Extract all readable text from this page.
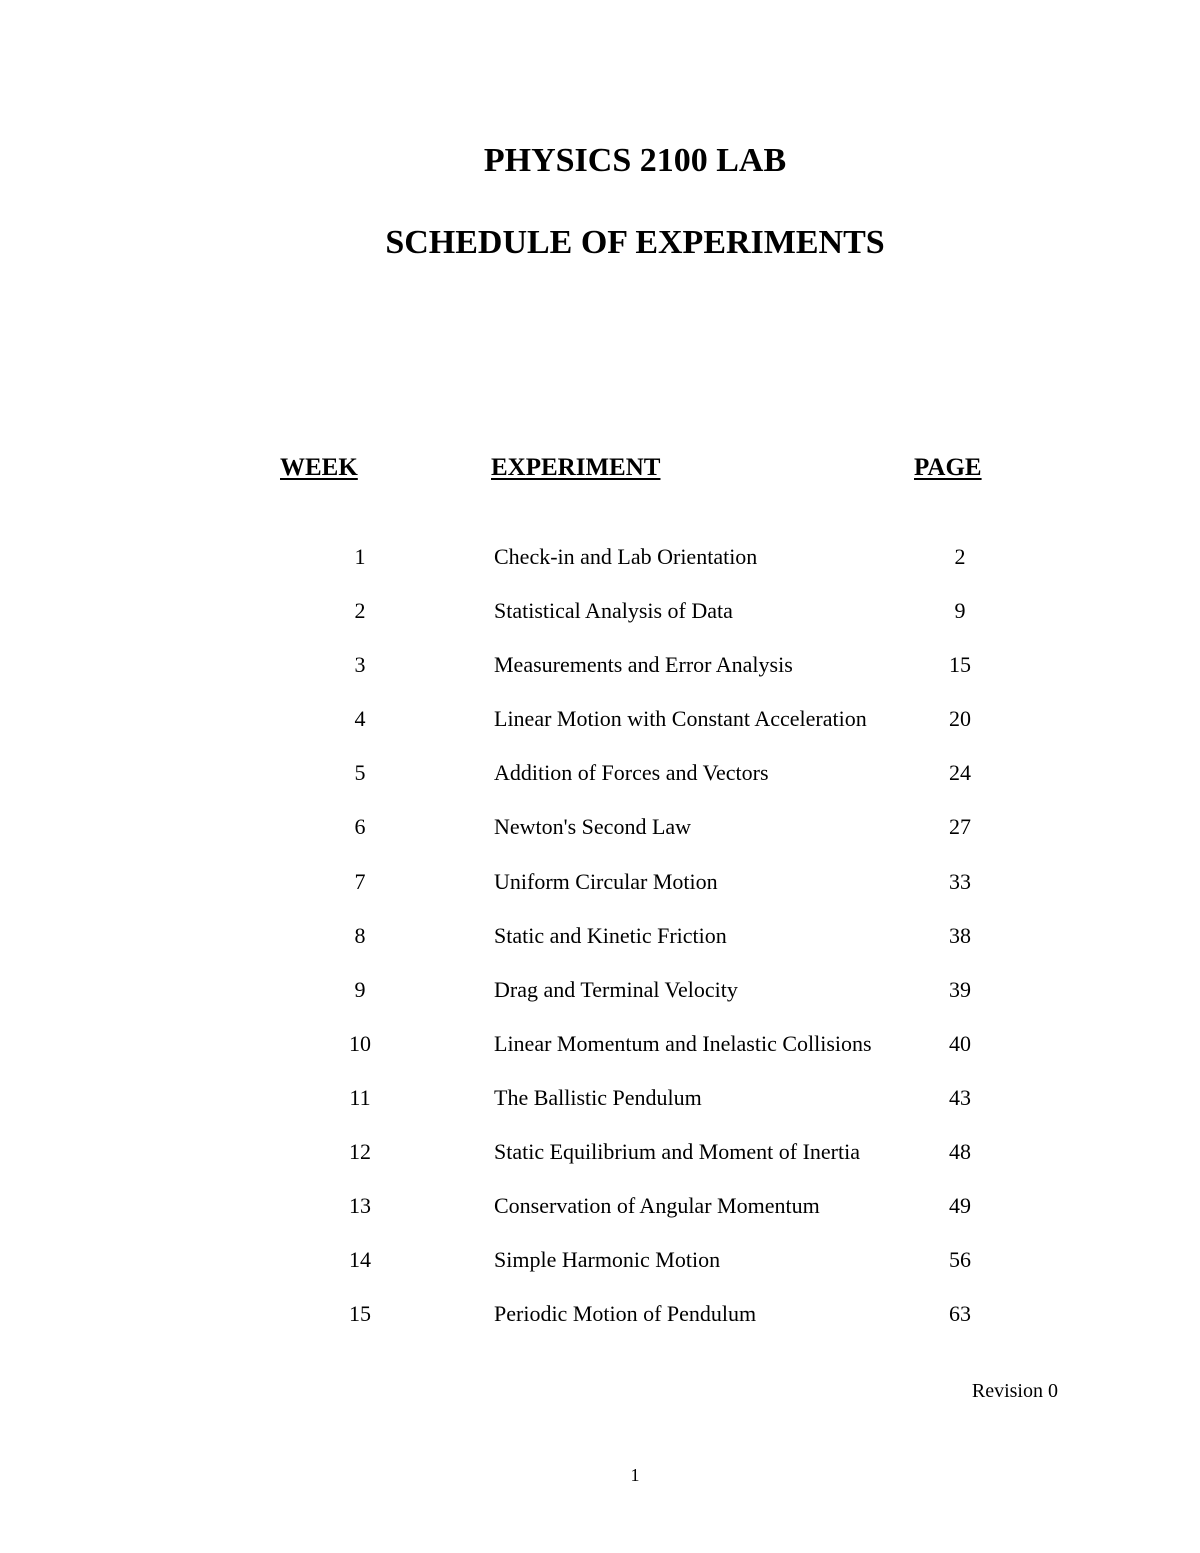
PHYSICS 2100 LAB
SCHEDULE OF EXPERIMENTS
WEEK	EXPERIMENT	PAGE
1	Check-in and Lab Orientation	2
2	Statistical Analysis of Data	9
3	Measurements and Error Analysis	15
4	Linear Motion with Constant Acceleration	20
5	Addition of Forces and Vectors	24
6	Newton's Second Law	27
7	Uniform Circular Motion	33
8	Static and Kinetic Friction	38
9	Drag and Terminal Velocity	39
10	Linear Momentum and Inelastic Collisions	40
11	The Ballistic Pendulum	43
12	Static Equilibrium and Moment of Inertia	48
13	Conservation of Angular Momentum	49
14	Simple Harmonic Motion	56
15	Periodic Motion of Pendulum	63
Revision 0
1
